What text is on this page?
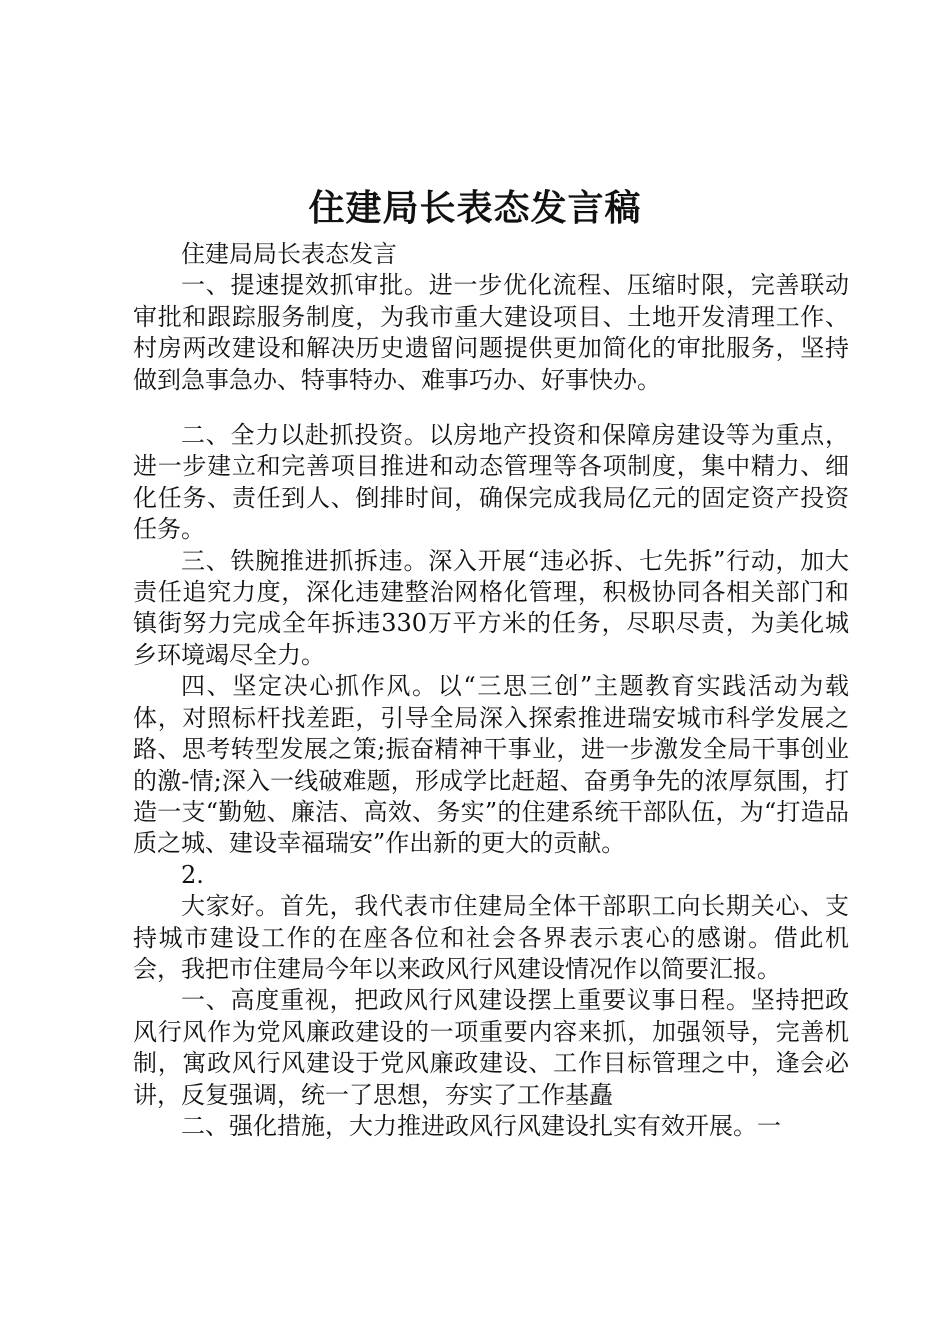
住建局长表态发言稿

住建局局长表态发言

一、提速提效抓审批。进一步优化流程、压缩时限，完善联动审批和跟踪服务制度，为我市重大建设项目、土地开发清理工作、村房两改建设和解决历史遗留问题提供更加简化的审批服务，坚持做到急事急办、特事特办、难事巧办、好事快办。

二、全力以赴抓投资。以房地产投资和保障房建设等为重点，进一步建立和完善项目推进和动态管理等各项制度，集中精力、细化任务、责任到人、倒排时间，确保完成我局亿元的固定资产投资任务。

三、铁腕推进抓拆违。深入开展“违必拆、七先拆”行动，加大责任追究力度，深化违建整治网格化管理，积极协同各相关部门和镇街努力完成全年拆违330万平方米的任务，尽职尽责，为美化城乡环境竭尽全力。

四、坚定决心抓作风。以“三思三创”主题教育实践活动为载体，对照标杆找差距，引导全局深入探索推进瑞安城市科学发展之路、思考转型发展之策;振奋精神干事业，进一步激发全局干事创业的激-情;深入一线破难题，形成学比赶超、奋勇争先的浓厚氛围，打造一支“勤勉、廉洁、高效、务实”的住建系统干部队伍，为“打造品质之城、建设幸福瑞安”作出新的更大的贡献。

2.

大家好。首先，我代表市住建局全体干部职工向长期关心、支持城市建设工作的在座各位和社会各界表示衷心的感谢。借此机会，我把市住建局今年以来政风行风建设情况作以简要汇报。

一、高度重视，把政风行风建设摆上重要议事日程。坚持把政风行风作为党风廉政建设的一项重要内容来抓，加强领导，完善机制，寓政风行风建设于党风廉政建设、工作目标管理之中，逢会必讲，反复强调，统一了思想，夯实了工作基矗

二、强化措施，大力推进政风行风建设扎实有效开展。一
